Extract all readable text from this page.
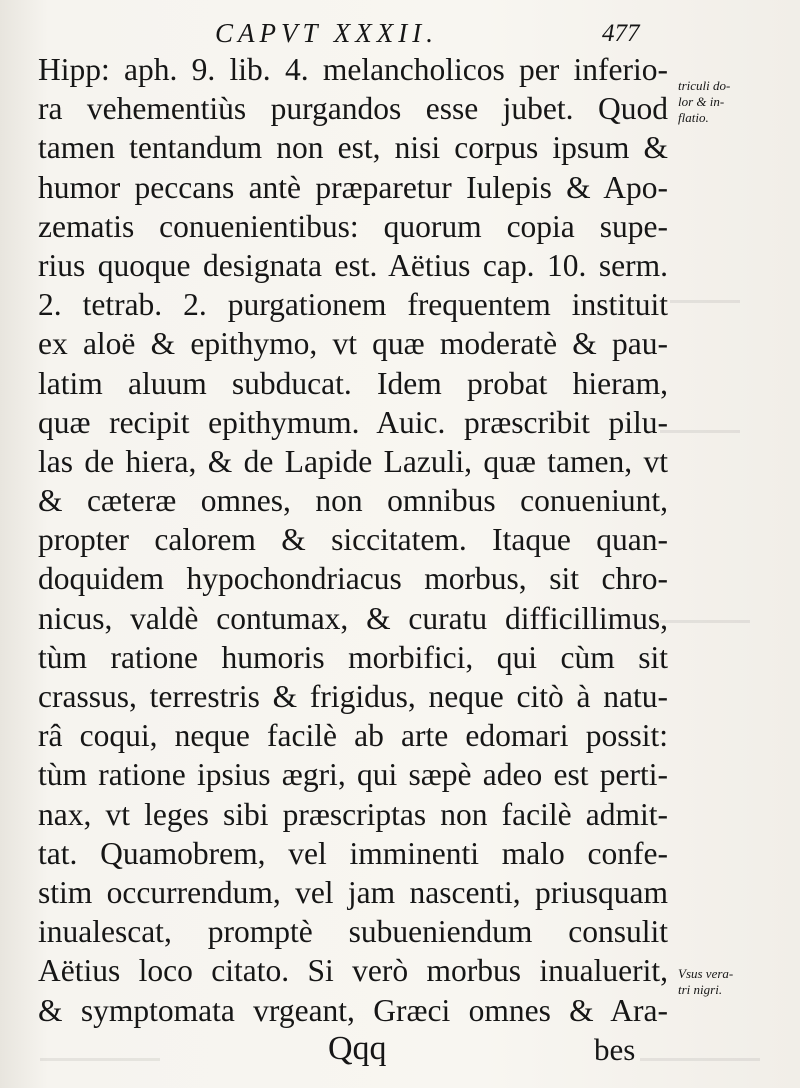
CAPVT XXXII.	477
Hipp: aph. 9. lib. 4. melancholicos per inferio-
ra vehementiùs purgandos esse jubet. Quod
tamen tentandum non est, nisi corpus ipsum &
humor peccans antè præparetur Iulepis & Apo-
zematis conuenientibus: quorum copia supe-
rius quoque designata est. Aëtius cap. 10. serm.
2. tetrab. 2. purgationem frequentem instituit
ex aloë & epithymo, vt quæ moderatè & pau-
latim aluum subducat. Idem probat hieram,
quæ recipit epithymum. Auic. præscribit pilu-
las de hiera, & de Lapide Lazuli, quæ tamen, vt
& cæteræ omnes, non omnibus conueniunt,
propter calorem & siccitatem. Itaque quan-
doquidem hypochondriacus morbus, sit chro-
nicus, valdè contumax, & curatu difficillimus,
tùm ratione humoris morbifici, qui cùm sit
crassus, terrestris & frigidus, neque citò à natu-
râ coqui, neque facilè ab arte edomari possit:
tùm ratione ipsius ægri, qui sæpè adeo est perti-
nax, vt leges sibi præscriptas non facilè admit-
tat. Quamobrem, vel imminenti malo confe-
stim occurrendum, vel jam nascenti, priusquam
inualescat, promptè subueniendum consulit
Aëtius loco citato. Si verò morbus inualuerit,
& symptomata vrgeant, Græci omnes & Ara-
triculi do-
lor & in-
flatio.
Vsus vera-
tri nigri.
Qqq	bes
